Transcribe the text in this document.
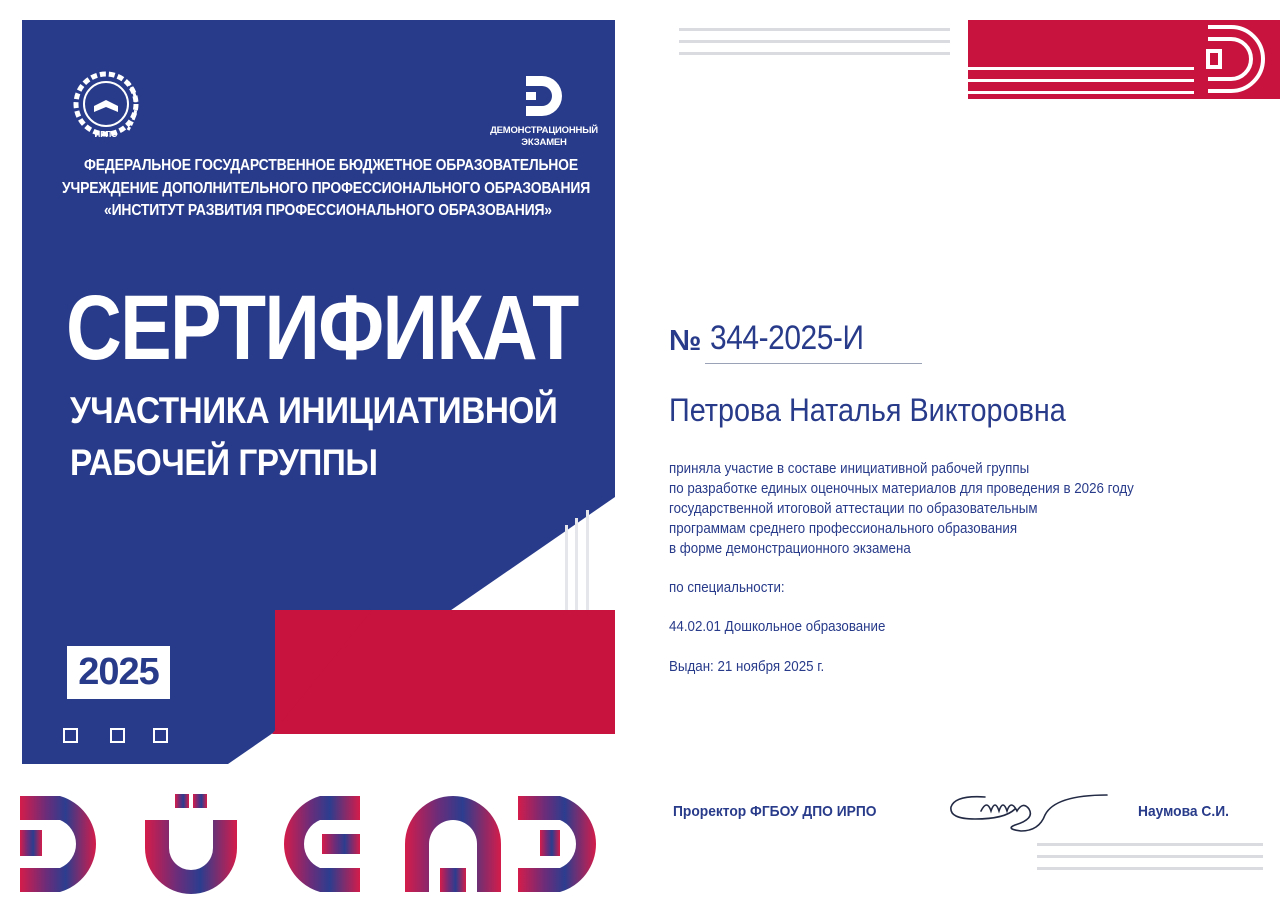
ИРПО	ДЕМОНСТРАЦИОННЫЙ
ЭКЗАМЕН
ФЕДЕРАЛЬНОЕ ГОСУДАРСТВЕННОЕ БЮДЖЕТНОЕ ОБРАЗОВАТЕЛЬНОЕ
УЧРЕЖДЕНИЕ ДОПОЛНИТЕЛЬНОГО ПРОФЕССИОНАЛЬНОГО ОБРАЗОВАНИЯ
«ИНСТИТУТ РАЗВИТИЯ ПРОФЕССИОНАЛЬНОГО ОБРАЗОВАНИЯ»
СЕРТИФИКАТ
УЧАСТНИКА ИНИЦИАТИВНОЙ
РАБОЧЕЙ ГРУППЫ
2025
№ 344-2025-И
Петрова Наталья Викторовна
приняла участие в составе инициативной рабочей группы
по разработке единых оценочных материалов для проведения в 2026 году
государственной итоговой аттестации по образовательным
программам среднего профессионального образования
в форме демонстрационного экзамена
по специальности:
44.02.01 Дошкольное образование
Выдан: 21 ноября 2025 г.
Проректор ФГБОУ ДПО ИРПО	Наумова С.И.
